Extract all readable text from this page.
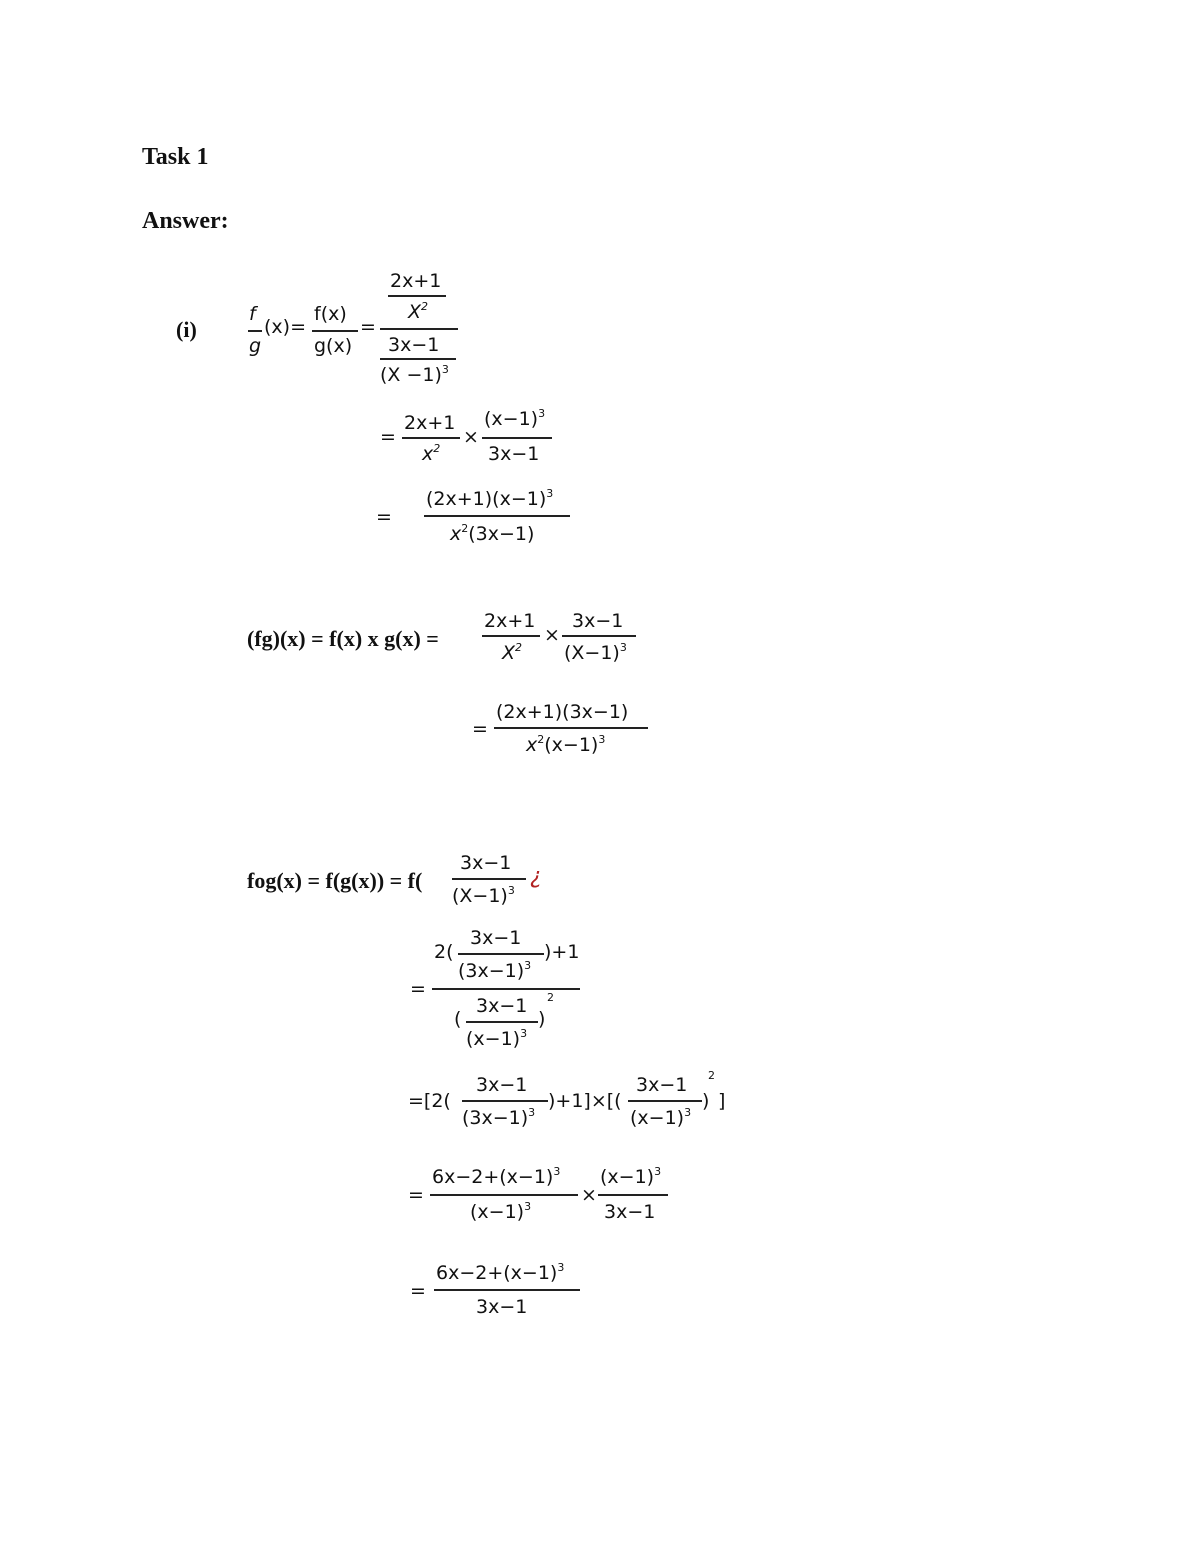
Task 1
Answer:
(i)
f
g
(x)=
f(x)
g(x)
=
2x+1
$X^2$
3x−1
$(X -1)^3$
=
2x+1
$x^2$
×
$(x-1)^3$
3x−1
=
$(2x+1)(x-1)^3$
$x^2(3x-1)$
(fg)(x) = f(x) x g(x) =
2x+1
$X^2$
×
3x−1
$(X-1)^3$
=
(2x+1)(3x−1)
$x^2(x-1)^3$
fog(x) = f(g(x)) = f(
3x−1
$(X-1)^3$
¿
=
2(
3x−1
$(3x-1)^3$
)+1
(
3x−1
$(x-1)^3$
)
2
=[2(
3x−1
$(3x-1)^3$
)+1]×[(
3x−1
$(x-1)^3$
)
2
]
=
$6x-2+(x-1)^3$
$(x-1)^3$
×
$(x-1)^3$
3x−1
=
$6x-2+(x-1)^3$
3x−1
